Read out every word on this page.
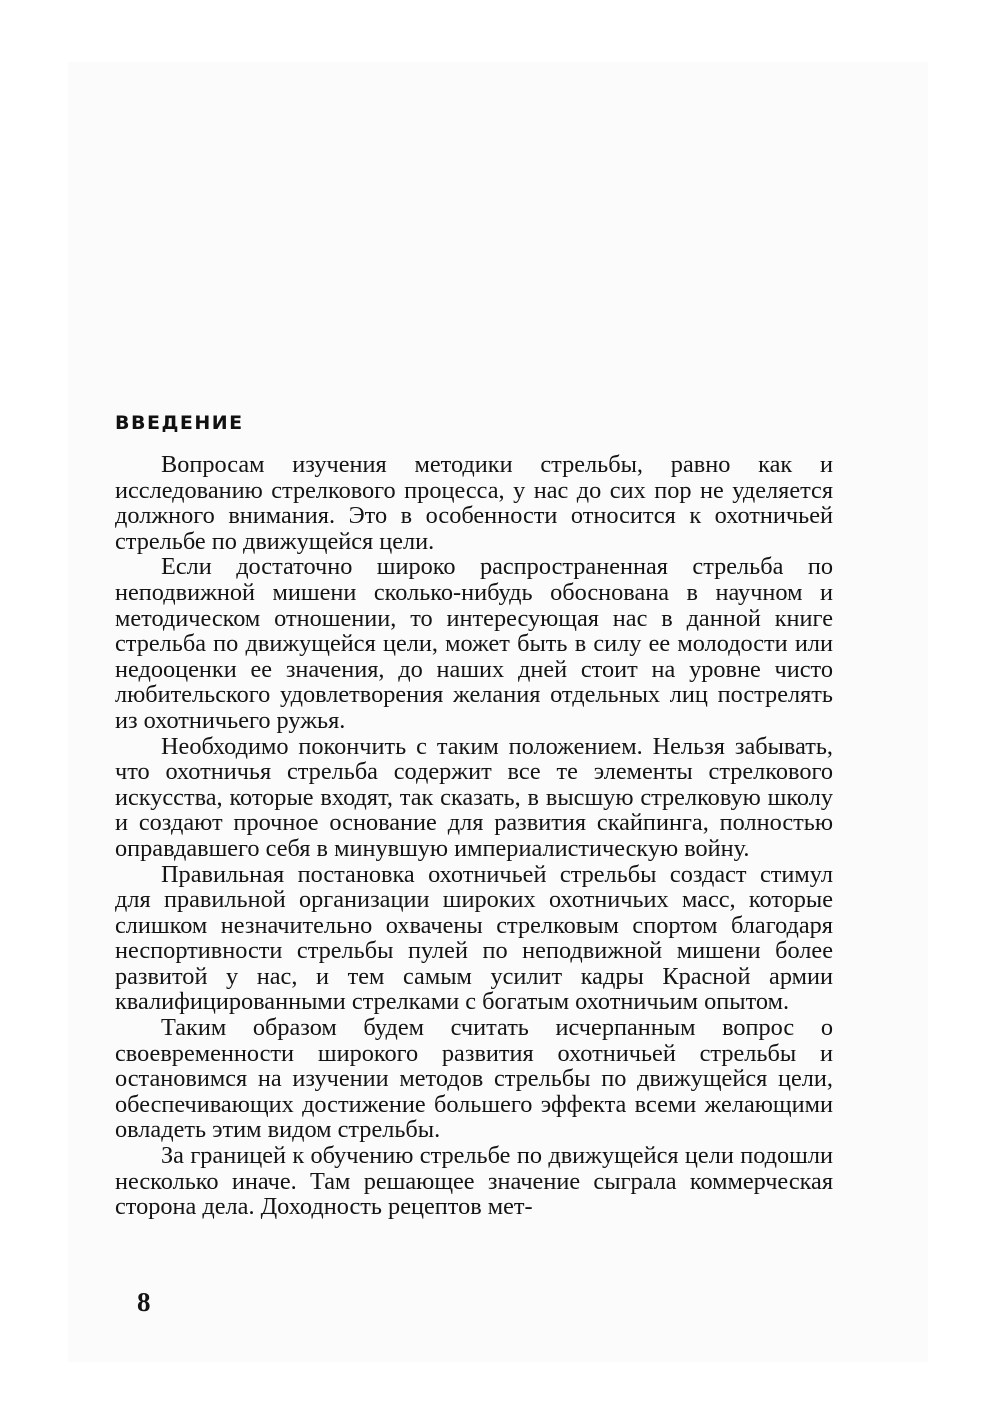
ВВЕДЕНИЕ

Вопросам изучения методики стрельбы, равно как и исследованию стрелкового процесса, у нас до сих пор не уделяется должного внимания. Это в особенности относится к охотничьей стрельбе по движущейся цели.

Если достаточно широко распространенная стрельба по неподвижной мишени сколько-нибудь обоснована в научном и методическом отношении, то интересующая нас в данной книге стрельба по движущейся цели, может быть в силу ее молодости или недооценки ее значения, до наших дней стоит на уровне чисто любительского удовлетворения желания отдельных лиц пострелять из охотничьего ружья.

Необходимо покончить с таким положением. Нельзя забывать, что охотничья стрельба содержит все те элементы стрелкового искусства, которые входят, так сказать, в высшую стрелковую школу и создают прочное основание для развития скайпинга, полностью оправдавшего себя в минувшую империалистическую войну.

Правильная постановка охотничьей стрельбы создаст стимул для правильной организации широких охотничьих масс, которые слишком незначительно охвачены стрелковым спортом благодаря неспортивности стрельбы пулей по неподвижной мишени более развитой у нас, и тем самым усилит кадры Красной армии квалифицированными стрелками с богатым охотничьим опытом.

Таким образом будем считать исчерпанным вопрос о своевременности широкого развития охотничьей стрельбы и остановимся на изучении методов стрельбы по движущейся цели, обеспечивающих достижение большего эффекта всеми желающими овладеть этим видом стрельбы.

За границей к обучению стрельбе по движущейся цели подошли несколько иначе. Там решающее значение сыграла коммерческая сторона дела. Доходность рецептов мет-

8
